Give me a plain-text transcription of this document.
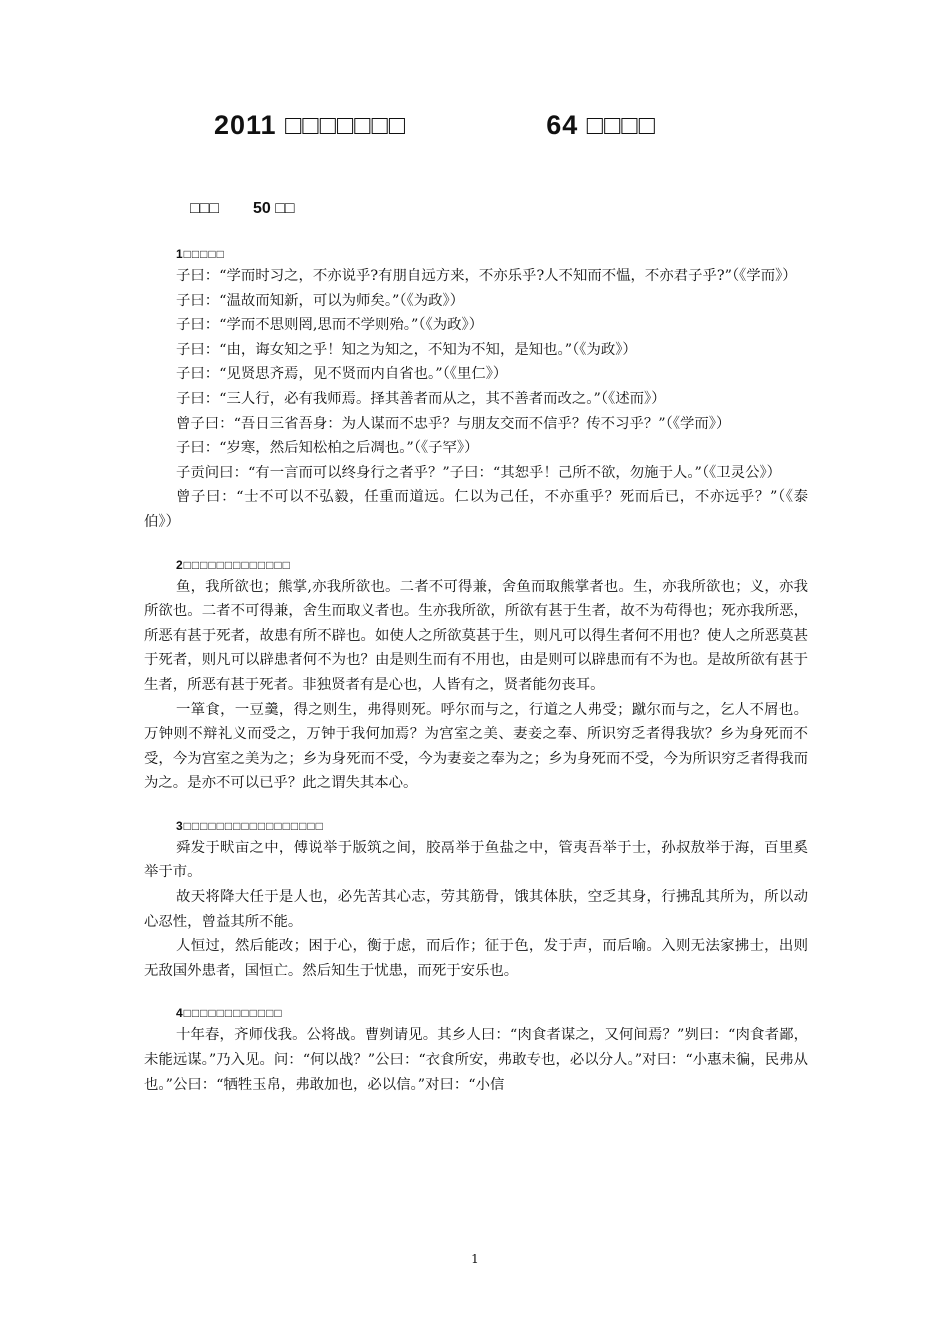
2011 □□□□□□□	64 □□□□
□□□ 50 □□
1□□□□□

子曰：“学而时习之，不亦说乎?有朋自远方来，不亦乐乎?人不知而不愠，不亦君子乎?”（《学而》）

子曰：“温故而知新，可以为师矣。”（《为政》）

子曰：“学而不思则罔,思而不学则殆。”（《为政》）

子曰：“由，诲女知之乎！知之为知之，不知为不知，是知也。”（《为政》）

子曰：“见贤思齐焉，见不贤而内自省也。”（《里仁》）

子曰：“三人行，必有我师焉。择其善者而从之，其不善者而改之。”（《述而》）

曾子曰：“吾日三省吾身：为人谋而不忠乎？与朋友交而不信乎？传不习乎？”（《学而》）

子曰：“岁寒，然后知松柏之后凋也。”（《子罕》）

子贡问曰：“有一言而可以终身行之者乎？”子曰：“其恕乎！己所不欲，勿施于人。”（《卫灵公》）

曾子曰：“士不可以不弘毅，任重而道远。仁以为己任，不亦重乎？死而后已，不亦远乎？”（《泰伯》）

2□□□□□□□□□□□□□

鱼，我所欲也；熊掌,亦我所欲也。二者不可得兼，舍鱼而取熊掌者也。生，亦我所欲也；义，亦我所欲也。二者不可得兼，舍生而取义者也。生亦我所欲，所欲有甚于生者，故不为苟得也；死亦我所恶，所恶有甚于死者，故患有所不辟也。如使人之所欲莫甚于生，则凡可以得生者何不用也？使人之所恶莫甚于死者，则凡可以辟患者何不为也？由是则生而有不用也，由是则可以辟患而有不为也。是故所欲有甚于生者，所恶有甚于死者。非独贤者有是心也，人皆有之，贤者能勿丧耳。

一箪食，一豆羹，得之则生，弗得则死。呼尔而与之，行道之人弗受；蹴尔而与之，乞人不屑也。万钟则不辩礼义而受之，万钟于我何加焉？为宫室之美、妻妾之奉、所识穷乏者得我欤？乡为身死而不受，今为宫室之美为之；乡为身死而不受，今为妻妾之奉为之；乡为身死而不受，今为所识穷乏者得我而为之。是亦不可以已乎？此之谓失其本心。

3□□□□□□□□□□□□□□□□□

舜发于畎亩之中，傅说举于版筑之间，胶鬲举于鱼盐之中，管夷吾举于士，孙叔敖举于海，百里奚举于市。

故天将降大任于是人也，必先苦其心志，劳其筋骨，饿其体肤，空乏其身，行拂乱其所为，所以动心忍性，曾益其所不能。

人恒过，然后能改；困于心，衡于虑，而后作；征于色，发于声，而后喻。入则无法家拂士，出则无敌国外患者，国恒亡。然后知生于忧患，而死于安乐也。

4□□□□□□□□□□□□

十年春，齐师伐我。公将战。曹刿请见。其乡人曰：“肉食者谋之，又何间焉？”刿曰：“肉食者鄙，未能远谋。”乃入见。问：“何以战？”公曰：“衣食所安，弗敢专也，必以分人。”对曰：“小惠未徧，民弗从也。”公曰：“牺牲玉帛，弗敢加也，必以信。”对曰：“小信

1
